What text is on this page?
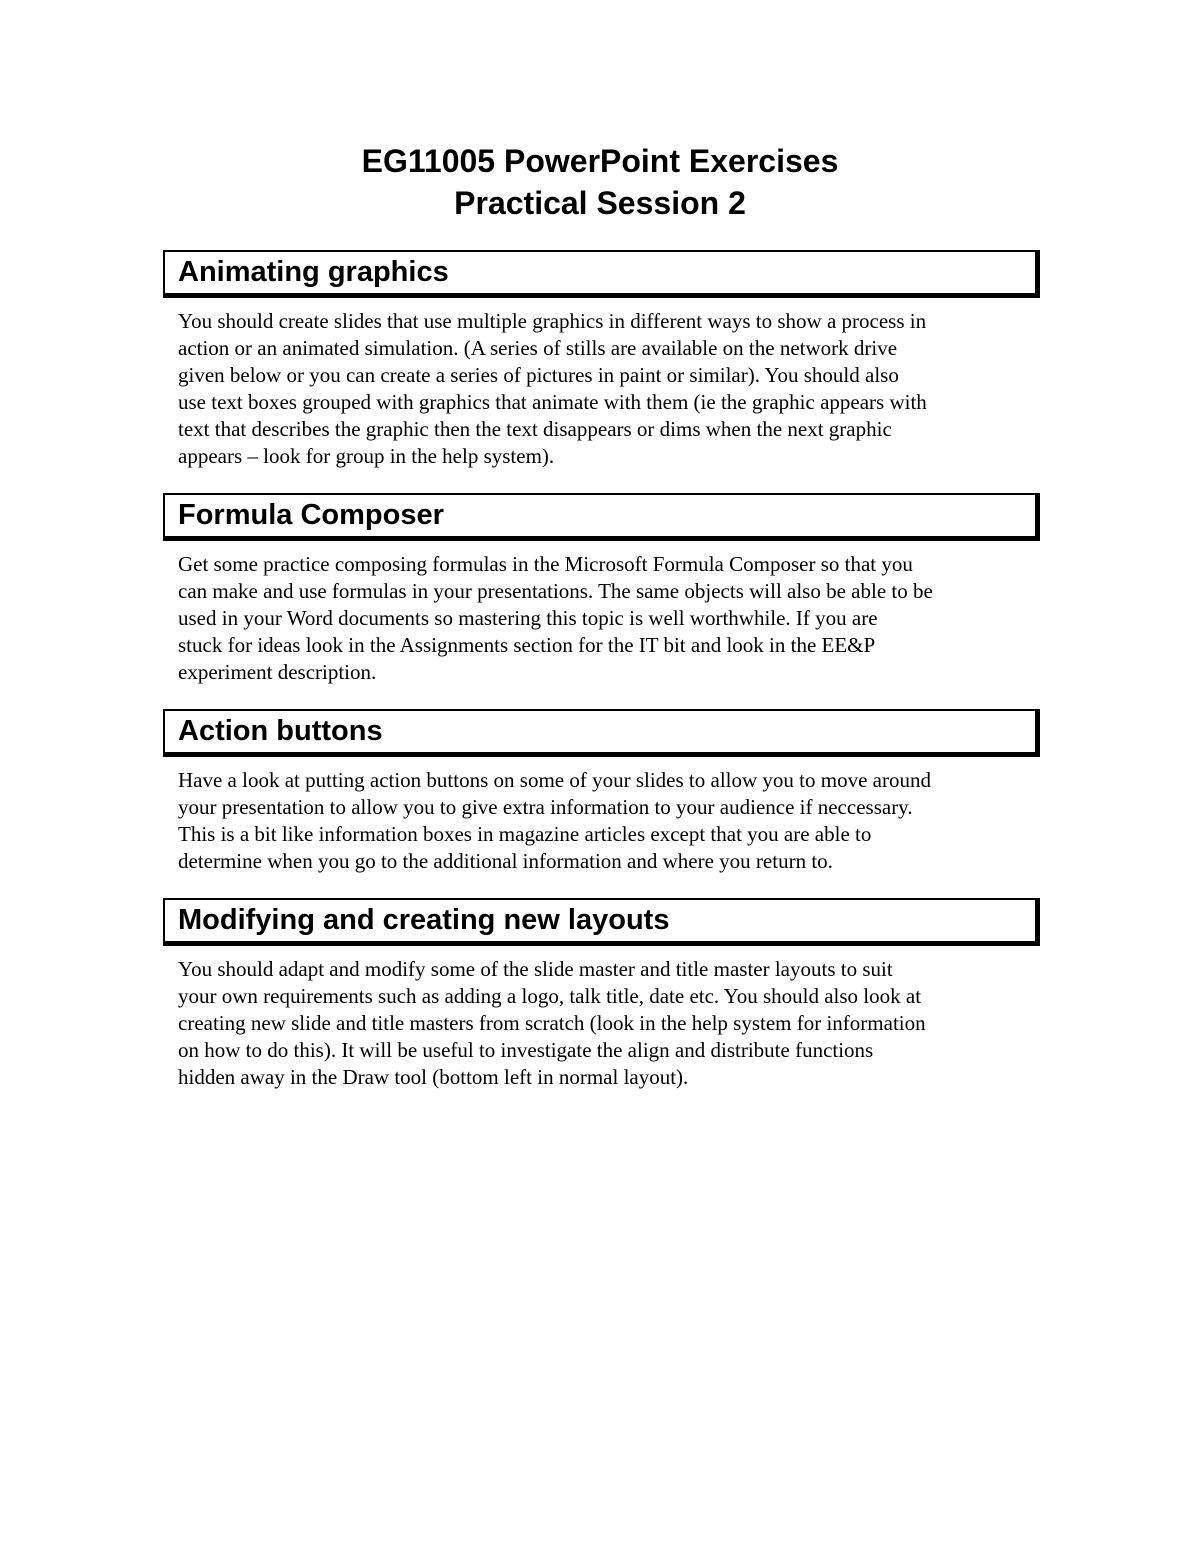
EG11005 PowerPoint Exercises
Practical Session 2
Animating graphics
You should create slides that use multiple graphics in different ways to show a process in
action or an animated simulation. (A series of stills are available on the network drive
given below or you can create a series of pictures in paint or similar). You should also
use text boxes grouped with graphics that animate with them (ie the graphic appears with
text that describes the graphic then the text disappears or dims when the next graphic
appears – look for group in the help system).
Formula Composer
Get some practice composing formulas in the Microsoft Formula Composer so that you
can make and use formulas in your presentations. The same objects will also be able to be
used in your Word documents so mastering this topic is well worthwhile. If you are
stuck for ideas look in the Assignments section for the IT bit and look in the EE&P
experiment description.
Action buttons
Have a look at putting action buttons on some of your slides to allow you to move around
your presentation to allow you to give extra information to your audience if neccessary.
This is a bit like information boxes in magazine articles except that you are able to
determine when you go to the additional information and where you return to.
Modifying and creating new layouts
You should adapt and modify some of the slide master and title master layouts to suit
your own requirements such as adding a logo, talk title, date etc. You should also look at
creating new slide and title masters from scratch (look in the help system for information
on how to do this). It will be useful to investigate the align and distribute functions
hidden away in the Draw tool (bottom left in normal layout).
